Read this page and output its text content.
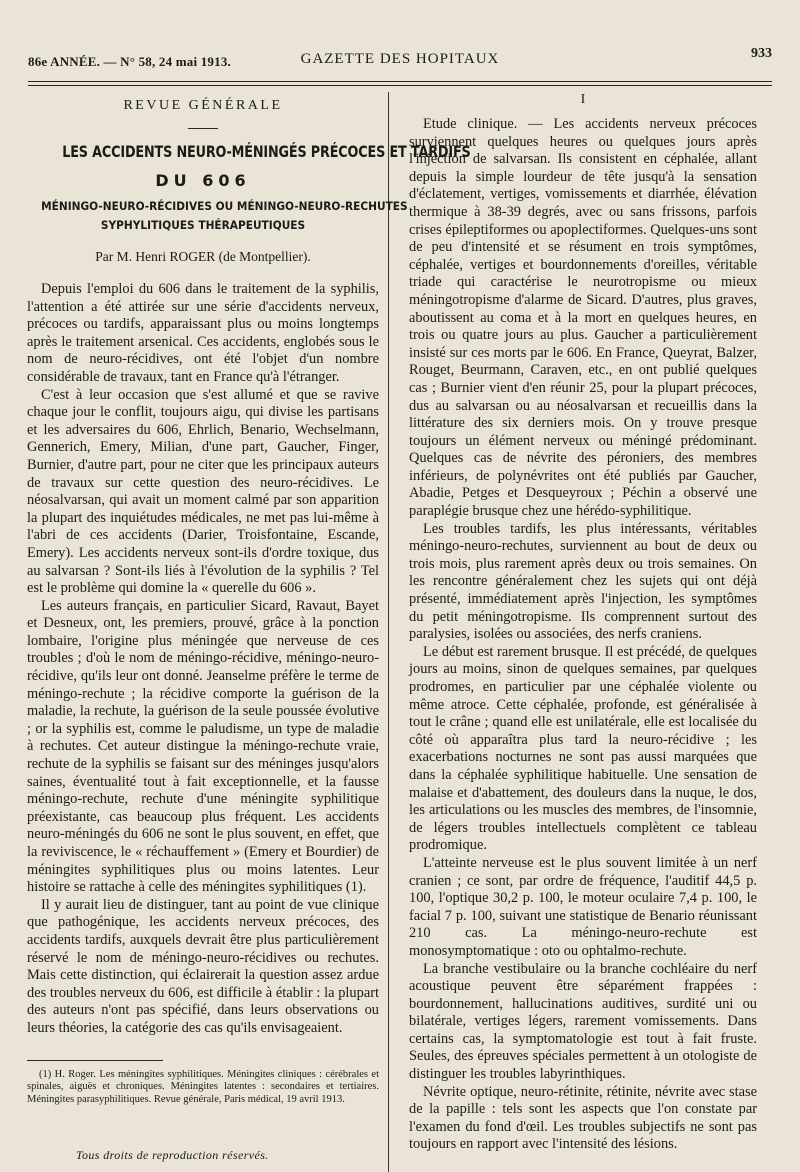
86e ANNÉE. — N° 58, 24 mai 1913.	GAZETTE DES HOPITAUX	933
REVUE GÉNÉRALE
LES ACCIDENTS NEURO-MÉNINGÉS PRÉCOCES ET TARDIFS
DU 606
MÉNINGO-NEURO-RÉCIDIVES OU MÉNINGO-NEURO-RECHUTES
SYPHYLITIQUES THÉRAPEUTIQUES
Par M. Henri ROGER (de Montpellier).

Depuis l'emploi du 606 dans le traitement de la syphilis, l'attention a été attirée sur une série d'accidents nerveux, précoces ou tardifs, apparaissant plus ou moins longtemps après le traitement arsenical. Ces accidents, englobés sous le nom de neuro-récidives, ont été l'objet d'un nombre considérable de travaux, tant en France qu'à l'étranger.

C'est à leur occasion que s'est allumé et que se ravive chaque jour le conflit, toujours aigu, qui divise les partisans et les adversaires du 606, Ehrlich, Benario, Wechselmann, Gennerich, Emery, Milian, d'une part, Gaucher, Finger, Burnier, d'autre part, pour ne citer que les principaux auteurs de travaux sur cette question des neuro-récidives. Le néosalvarsan, qui avait un moment calmé par son apparition la plupart des inquiétudes médicales, ne met pas lui-même à l'abri de ces accidents (Darier, Troisfontaine, Escande, Emery). Les accidents nerveux sont-ils d'ordre toxique, dus au salvarsan ? Sont-ils liés à l'évolution de la syphilis ? Tel est le problème qui domine la « querelle du 606 ».

Les auteurs français, en particulier Sicard, Ravaut, Bayet et Desneux, ont, les premiers, prouvé, grâce à la ponction lombaire, l'origine plus méningée que nerveuse de ces troubles ; d'où le nom de méningo-récidive, méningo-neuro-récidive, qu'ils leur ont donné. Jeanselme préfère le terme de méningo-rechute ; la récidive comporte la guérison de la maladie, la rechute, la guérison de la seule poussée évolutive ; or la syphilis est, comme le paludisme, un type de maladie à rechutes. Cet auteur distingue la méningo-rechute vraie, rechute de la syphilis se faisant sur des méninges jusqu'alors saines, éventualité tout à fait exceptionnelle, et la fausse méningo-rechute, rechute d'une méningite syphilitique préexistante, cas beaucoup plus fréquent. Les accidents neuro-méningés du 606 ne sont le plus souvent, en effet, que la reviviscence, le « réchauffement » (Emery et Bourdier) de méningites syphilitiques plus ou moins latentes. Leur histoire se rattache à celle des méningites syphilitiques (1).

Il y aurait lieu de distinguer, tant au point de vue clinique que pathogénique, les accidents nerveux précoces, des accidents tardifs, auxquels devrait être plus particulièrement réservé le nom de méningo-neuro-récidives ou rechutes. Mais cette distinction, qui éclairerait la question assez ardue des troubles nerveux du 606, est difficile à établir : la plupart des auteurs n'ont pas spécifié, dans leurs observations ou leurs théories, la catégorie des cas qu'ils envisageaient.

(1) H. Roger. Les méningites syphilitiques. Méningites cliniques : cérébrales et spinales, aiguës et chroniques. Méningites latentes : secondaires et tertiaires. Méningites parasyphilitiques. Revue générale, Paris médical, 19 avril 1913.

I

Etude clinique. — Les accidents nerveux précoces surviennent quelques heures ou quelques jours après l'injection de salvarsan. Ils consistent en céphalée, allant depuis la simple lourdeur de tête jusqu'à la sensation d'éclatement, vertiges, vomissements et diarrhée, élévation thermique à 38-39 degrés, avec ou sans frissons, parfois crises épileptiformes ou apoplectiformes. Quelques-uns sont de peu d'intensité et se résument en trois symptômes, céphalée, vertiges et bourdonnements d'oreilles, véritable triade qui caractérise le neurotropisme ou mieux méningotropisme d'alarme de Sicard. D'autres, plus graves, aboutissent au coma et à la mort en quelques heures, en trois ou quatre jours au plus. Gaucher a particulièrement insisté sur ces morts par le 606. En France, Queyrat, Balzer, Rouget, Beurmann, Caraven, etc., en ont publié quelques cas ; Burnier vient d'en réunir 25, pour la plupart précoces, dus au salvarsan ou au néosalvarsan et recueillis dans la littérature des six derniers mois. On y trouve presque toujours un élément nerveux ou méningé prédominant. Quelques cas de névrite des péroniers, des membres inférieurs, de polynévrites ont été publiés par Gaucher, Abadie, Petges et Desqueyroux ; Péchin a observé une paraplégie brusque chez une hérédo-syphilitique.

Les troubles tardifs, les plus intéressants, véritables méningo-neuro-rechutes, surviennent au bout de deux ou trois mois, plus rarement après deux ou trois semaines. On les rencontre généralement chez les sujets qui ont déjà présenté, immédiatement après l'injection, les symptômes du petit méningotropisme. Ils comprennent surtout des paralysies, isolées ou associées, des nerfs craniens.

Le début est rarement brusque. Il est précédé, de quelques jours au moins, sinon de quelques semaines, par quelques prodromes, en particulier par une céphalée violente ou même atroce. Cette céphalée, profonde, est généralisée à tout le crâne ; quand elle est unilatérale, elle est localisée du côté où apparaîtra plus tard la neuro-récidive ; les exacerbations nocturnes ne sont pas aussi marquées que dans la céphalée syphilitique habituelle. Une sensation de malaise et d'abattement, des douleurs dans la nuque, le dos, les articulations ou les muscles des membres, de l'insomnie, de légers troubles intellectuels complètent ce tableau prodromique.

L'atteinte nerveuse est le plus souvent limitée à un nerf cranien ; ce sont, par ordre de fréquence, l'auditif 44,5 p. 100, l'optique 30,2 p. 100, le moteur oculaire 7,4 p. 100, le facial 7 p. 100, suivant une statistique de Benario réunissant 210 cas. La méningo-neuro-rechute est monosymptomatique : oto ou ophtalmo-rechute.

La branche vestibulaire ou la branche cochléaire du nerf acoustique peuvent être séparément frappées : bourdonnement, hallucinations auditives, surdité uni ou bilatérale, vertiges légers, rarement vomissements. Dans certains cas, la symptomatologie est tout à fait fruste. Seules, des épreuves spéciales permettent à un otologiste de distinguer les troubles labyrinthiques.

Névrite optique, neuro-rétinite, rétinite, névrite avec stase de la papille : tels sont les aspects que l'on constate par l'examen du fond d'œil. Les troubles subjectifs ne sont pas toujours en rapport avec l'intensité des lésions.

Tous droits de reproduction réservés.
